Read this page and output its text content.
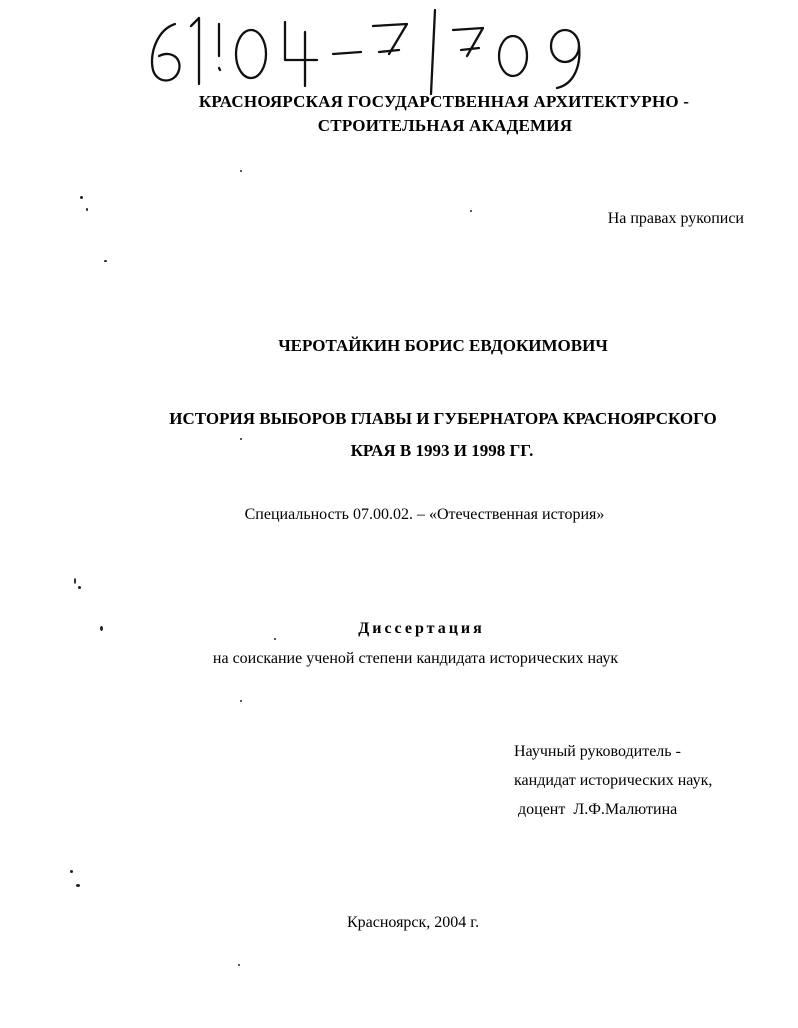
КРАСНОЯРСКАЯ ГОСУДАРСТВЕННАЯ АРХИТЕКТУРНО -
СТРОИТЕЛЬНАЯ АКАДЕМИЯ
На правах рукописи
ЧЕРОТАЙКИН БОРИС ЕВДОКИМОВИЧ
ИСТОРИЯ ВЫБОРОВ ГЛАВЫ И ГУБЕРНАТОРА КРАСНОЯРСКОГО
КРАЯ В 1993 И 1998 ГГ.
Специальность 07.00.02. – «Отечественная история»
Диссертация
на соискание ученой степени кандидата исторических наук
Научный руководитель -
кандидат исторических наук,
доцент  Л.Ф.Малютина
Красноярск, 2004 г.
